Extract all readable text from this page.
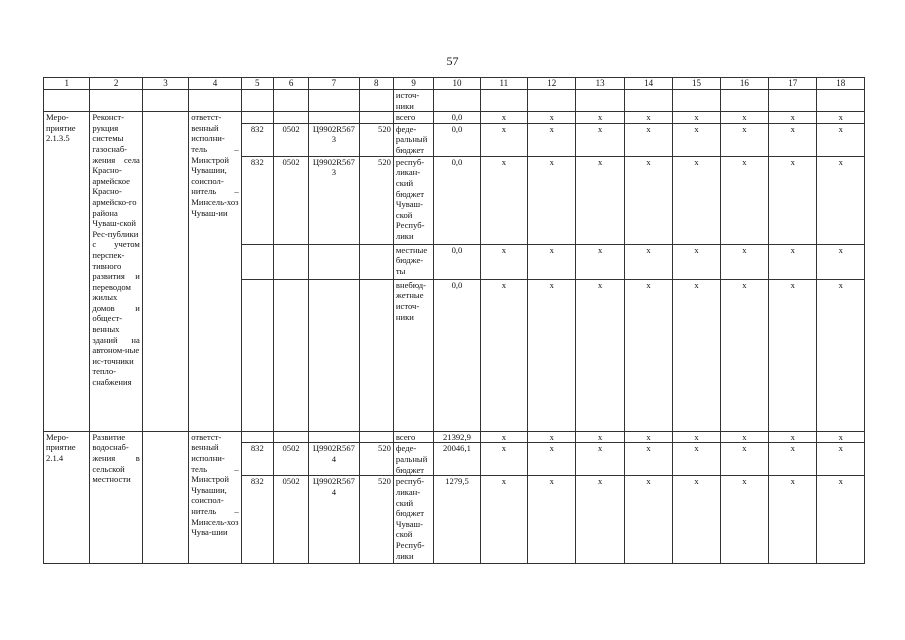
57
1	2	3	4	5	6	7	8	9	10	11	12	13	14	15	16	17	18
								источ-ники									
Меро-приятие 2.1.3.5	Реконст-рукция системы газоснаб-жения села Красно-армейское Красно-армейско-го района Чуваш-ской Рес-публики с учетом перспек-тивного развития и переводом жилых домов и общест-венных зданий на автоном-ные ис-точники теплo-снабжения		ответст-венный исполни-тель – Минстрой Чувашии, соиспол-нитель – Минсель-хоз Чуваш-ии					всего	0,0	x	x	x	x	x	x	x	x
				832	0502	Ц9902R5673	520	феде-ральный бюджет	0,0	x	x	x	x	x	x	x	x
				832	0502	Ц9902R5673	520	респуб-ликан-ский бюджет Чуваш-ской Респуб-лики	0,0	x	x	x	x	x	x	x	x
								местные бюдже-ты	0,0	x	x	x	x	x	x	x	x
								внебюд-жетные источ-ники	0,0	x	x	x	x	x	x	x	x
Меро-приятие 2.1.4	Развитие водоснаб-жения в сельской местности		ответст-венный исполни-тель – Минстрой Чувашии, соиспол-нитель – Минсель-хоз Чува-шии					всего	21392,9	x	x	x	x	x	x	x	x
				832	0502	Ц9902R5674	520	феде-ральный бюджет	20046,1	x	x	x	x	x	x	x	x
				832	0502	Ц9902R5674	520	респуб-ликан-ский бюджет Чуваш-ской Респуб-лики	1279,5	x	x	x	x	x	x	x	x
